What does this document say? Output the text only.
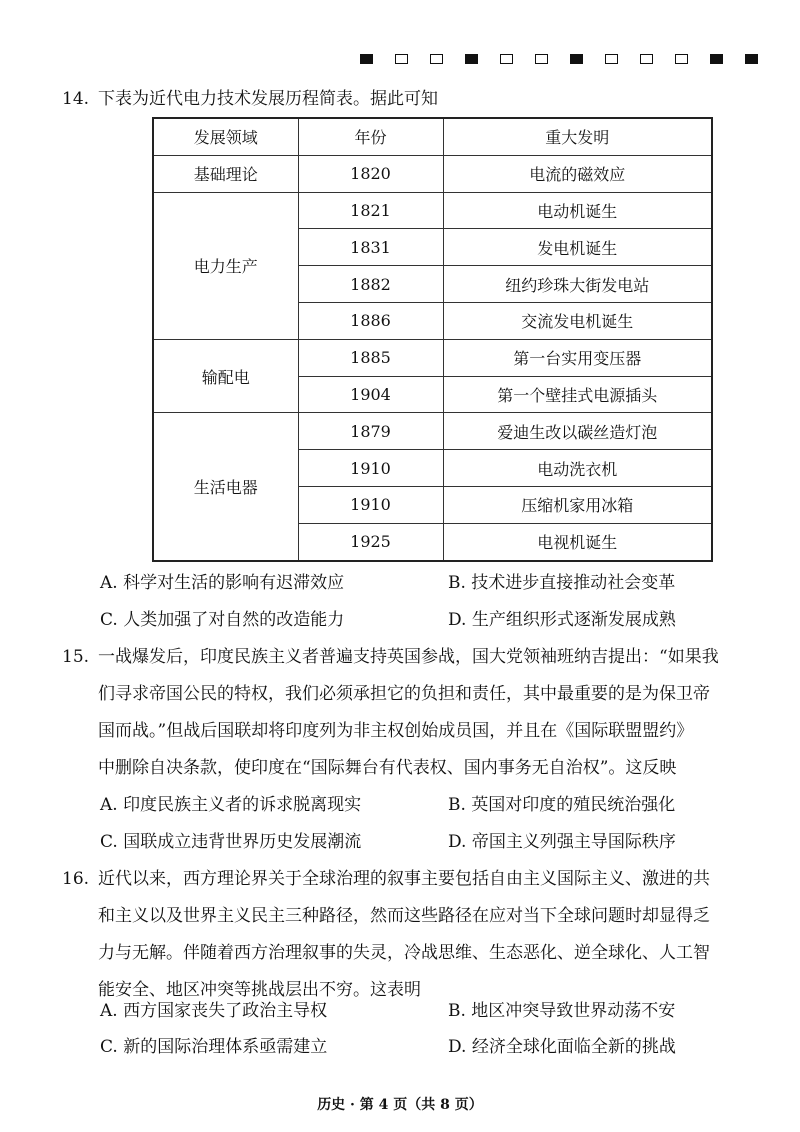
14. 下表为近代电力技术发展历程简表。据此可知
发展领域	年份	重大发明
基础理论	1820	电流的磁效应
电力生产	1821	电动机诞生
	1831	发电机诞生
	1882	纽约珍珠大街发电站
	1886	交流发电机诞生
输配电	1885	第一台实用变压器
	1904	第一个壁挂式电源插头
生活电器	1879	爱迪生改以碳丝造灯泡
	1910	电动洗衣机
	1910	压缩机家用冰箱
	1925	电视机诞生
A. 科学对生活的影响有迟滞效应	B. 技术进步直接推动社会变革
C. 人类加强了对自然的改造能力	D. 生产组织形式逐渐发展成熟
15. 一战爆发后，印度民族主义者普遍支持英国参战，国大党领袖班纳吉提出：“如果我
们寻求帝国公民的特权，我们必须承担它的负担和责任，其中最重要的是为保卫帝
国而战。”但战后国联却将印度列为非主权创始成员国，并且在《国际联盟盟约》
中删除自决条款，使印度在“国际舞台有代表权、国内事务无自治权”。这反映
A. 印度民族主义者的诉求脱离现实	B. 英国对印度的殖民统治强化
C. 国联成立违背世界历史发展潮流	D. 帝国主义列强主导国际秩序
16. 近代以来，西方理论界关于全球治理的叙事主要包括自由主义国际主义、激进的共
和主义以及世界主义民主三种路径，然而这些路径在应对当下全球问题时却显得乏
力与无解。伴随着西方治理叙事的失灵，冷战思维、生态恶化、逆全球化、人工智
能安全、地区冲突等挑战层出不穷。这表明
A. 西方国家丧失了政治主导权	B. 地区冲突导致世界动荡不安
C. 新的国际治理体系亟需建立	D. 经济全球化面临全新的挑战
历史 · 第 4 页（共 8 页）
